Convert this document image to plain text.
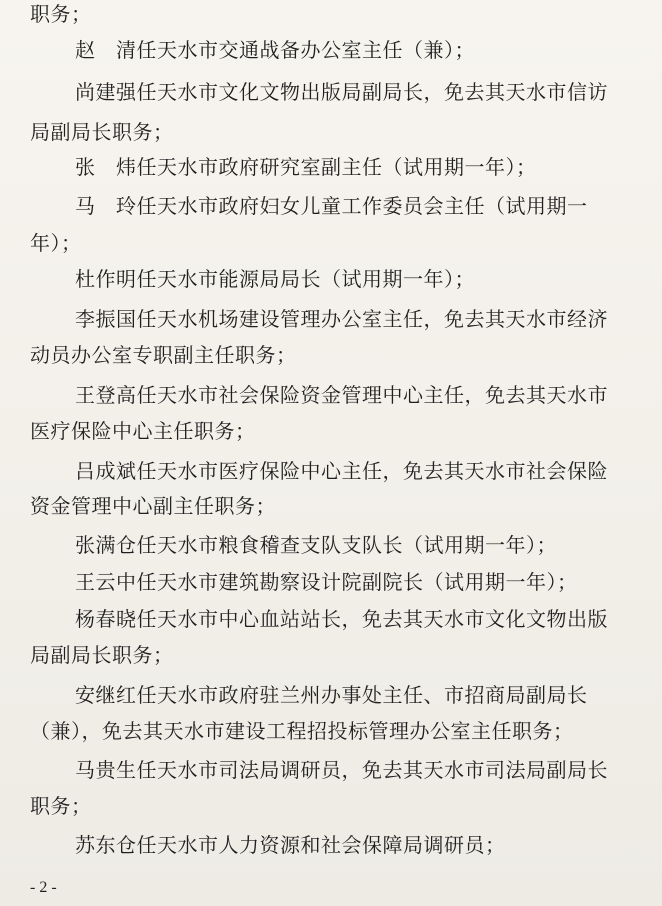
职务；
赵　清任天水市交通战备办公室主任（兼）；
尚建强任天水市文化文物出版局副局长，免去其天水市信访
局副局长职务；
张　炜任天水市政府研究室副主任（试用期一年）；
马　玲任天水市政府妇女儿童工作委员会主任（试用期一
年）；
杜作明任天水市能源局局长（试用期一年）；
李振国任天水机场建设管理办公室主任，免去其天水市经济
动员办公室专职副主任职务；
王登高任天水市社会保险资金管理中心主任，免去其天水市
医疗保险中心主任职务；
吕成斌任天水市医疗保险中心主任，免去其天水市社会保险
资金管理中心副主任职务；
张满仓任天水市粮食稽查支队支队长（试用期一年）；
王云中任天水市建筑勘察设计院副院长（试用期一年）；
杨春晓任天水市中心血站站长，免去其天水市文化文物出版
局副局长职务；
安继红任天水市政府驻兰州办事处主任、市招商局副局长
（兼），免去其天水市建设工程招投标管理办公室主任职务；
马贵生任天水市司法局调研员，免去其天水市司法局副局长
职务；
苏东仓任天水市人力资源和社会保障局调研员；
- 2 -
